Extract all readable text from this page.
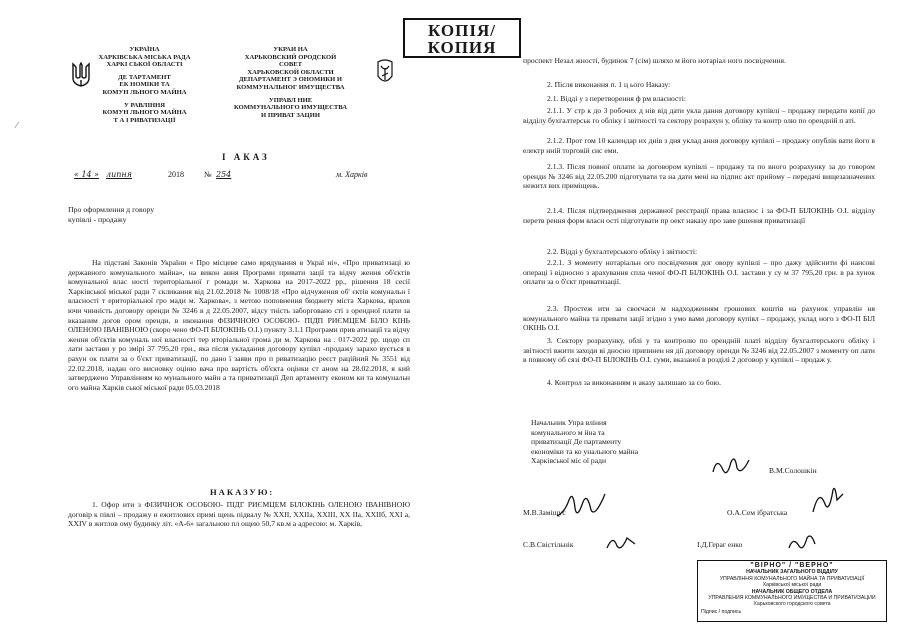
УКРАЇНА
ХАРКІВСЬКА МІСЬКА РАДА
ХАРКІ СЬКОЇ ОБЛАСТІ
ДЕ ТАРТАМЕНТ
ЕК НОМІКИ ТА
КОМУН ЛЬНОГО МАЙНА
У РАВЛІННЯ
КОМУН ЛЬНОГО МАЙНА
Т А І РИВАТИЗАЦІЇ
УКРАИ НА
ХАРЬКОВСКИЙ ОРОДСКОЙ
СОВЕТ
ХАРЬКОВСКОЙ ОБЛАСТИ
ДЕПАРТАМЕНТ Э ОНОМИКИ И
КОММУНАЛЬНОГ ИМУЩЕСТВА
УПРАВЛ НИЕ
КОММУНАЛЬНОГО ИМУЩЕСТВА
И ПРИВАТ ЗАЦИИ
І АКАЗ
« 14 » липня	2018	№ 254	м. Харків
Про оформлення д говору
купівлі - продажу
На підставі Законів України « Про місцеве само врядування в Украї ні», «Про приватизаці ю державного комунального майна», на викон ання Програми привати зації та відчу ження об'єктів комунальної влас ності територіальної г ромади м. Харкова на 2017-2022 рр., рішення 18 сесії Харківської міської ради 7 скликання від 21.02.2018 № 1008/18 «Про відчуження об' єктів комунальн ї власності т ериторіальної гро мади м. Харкова», з метою поповнення бюджету міста Харкова, врахов ючи чинність договору оренди № 3246 в д 22.05.2007, відсу тність заборговано сті з орендної плати за вказаним догов ором оренди, в иконання ФІЗИЧНОЮ ОСОБОЮ- ПІДП РИЄМЦЕМ БІЛО КІНЬ ОЛЕНОЮ ІВАНІВНОЮ (скоро чено ФО-П БІЛОКІНЬ О.І.) пункту 3.1.1 Програми прив атизації та відчу ження об'єктів комуналь ної власності тер иторіальної грома ди м. Харкова на . 017-2022 рр. щодо сп лати застави у ро змірі 37 795,20 грн., яка після укладання договору купівл -продажу зарахо вується в рахун ок плати за о б'єкт приватизації, по дано ї заяви про п риватизацію реєст раційний № 3551 від 22.02.2018, надан ого висновку оціню вача про вартість об'єкта оцінки ст аном на 28.02.2018, я кий затверджено Управлінням ко мунального майн а та приватизації Деп артаменту економ ки та комунальн ого майна Харків ської міської ради 05.03.2018
НАКАЗУЮ:
1. Офор ити з ФІЗИЧНОК ОСОБОЮ- ПІДГ РИЄМЦЕМ БІЛОКІНЬ ОЛЕНОЮ ІВАНІВНОЮ договір к півлі – продажу н ежитлових примі щень підвалу № XXII, XXIIа, XXIII, XX IIа, XXIIб, XXI а, XXIV в житлов ому будинку літ. «А-6» загальною пл ощею 50,7 кв.м а адресою: м. Харків,
∕
КОПІЯ/
КОПИЯ
проспект Незал жності, будинок 7 (сім) шляхо м його нотаріал ного посвідчення.
2. Після виконання п. 1 ц ього Наказу:
2.1. Відді у з перетворення ф рм власності:
2.1.1. У стр к до 3 робочих д нів від дати укла дання договору купівлі – продажу передати копії до відділу бухгалтерськ го обліку і звітності та сектору розрахун у, обліку та контр олю по орендній п аті.
2.1.2. Прот гом 10 календар их днів з дня уклад ання договору купівлі – продажу опублік вати його в електр нній торговій сис еми.
2.1.3. Після повної оплати за договором купівлі – продажу та по вного розрахунку за до говором оренди № 3246 від 22.05.200 підготувати та на дати мені на підпис акт прийому – передачі вищезазначених нежитл вих приміщень.
2.1.4. Після підтвердження державної реєстрації права власнос і за ФО-П БІЛОКІНЬ О.І. відділу перетв рення форм власн ості підготувати пр оект наказу про заве ршення приватизації
2.2. Відді у бухгалтерського обліку і звітності:
2.2.1. З моменту нотаріальн ого посвідчення дог овору купівлі – про дажу здійснити фі нансові операці ї відносно з арахування спла ченої ФО-П БІЛОКІНЬ О.І. застави у су м 37 795,20 грн. в ра хунок оплати за о б'єкт приватизації.
2.3. Простеж ити за своєчасн м надходженням грошових коштів на рахунок управлін ня комунального майна та привати зації згідно з умо вами договору купівл – продажу, уклад ного з ФО-П БІЛ ОКІНЬ О.І.
3. Сектору розрахунку, облі у та контролю по орендній платі відділу бухгалтерського обліку і звітності вжити заходи ві дносно припинен ня дії договору оренди № 3246 від 22.05.2007 з моменту оп лати в повному об сязі ФО-П БІЛОКІНЬ О.І. суми, вказаної в розділі 2 договор у купівлі – продаж у.
4. Контрол за виконанням н аказу залишаю за со бою.
Начальник Упра вління
комунального м йна та
приватизації Де партаменту
економіки та ко унального майна
Харківської міс ої ради
В.М.Солошкін
М.В.Заміщус	О.А.Сем ібратська
С.В.Свістільнік	І.Д.Гераг енко
"ВІРНО" / "ВЕРНО"
НАЧАЛЬНИК ЗАГАЛЬНОГО ВІДДІЛУ
УПРАВЛІННЯ КОМУНАЛЬНОГО МАЙНА ТА ПРИВАТИЗАЦІЇ
Харківської міської ради
НАЧАЛЬНИК ОБЩЕГО ОТДЕЛА
УПРАВЛЕНИЯ КОММУНАЛЬНОГО ИМУЩЕСТВА И ПРИВАТИЗАЦИИ
Харьковского городского совета
Підпис / подпись
